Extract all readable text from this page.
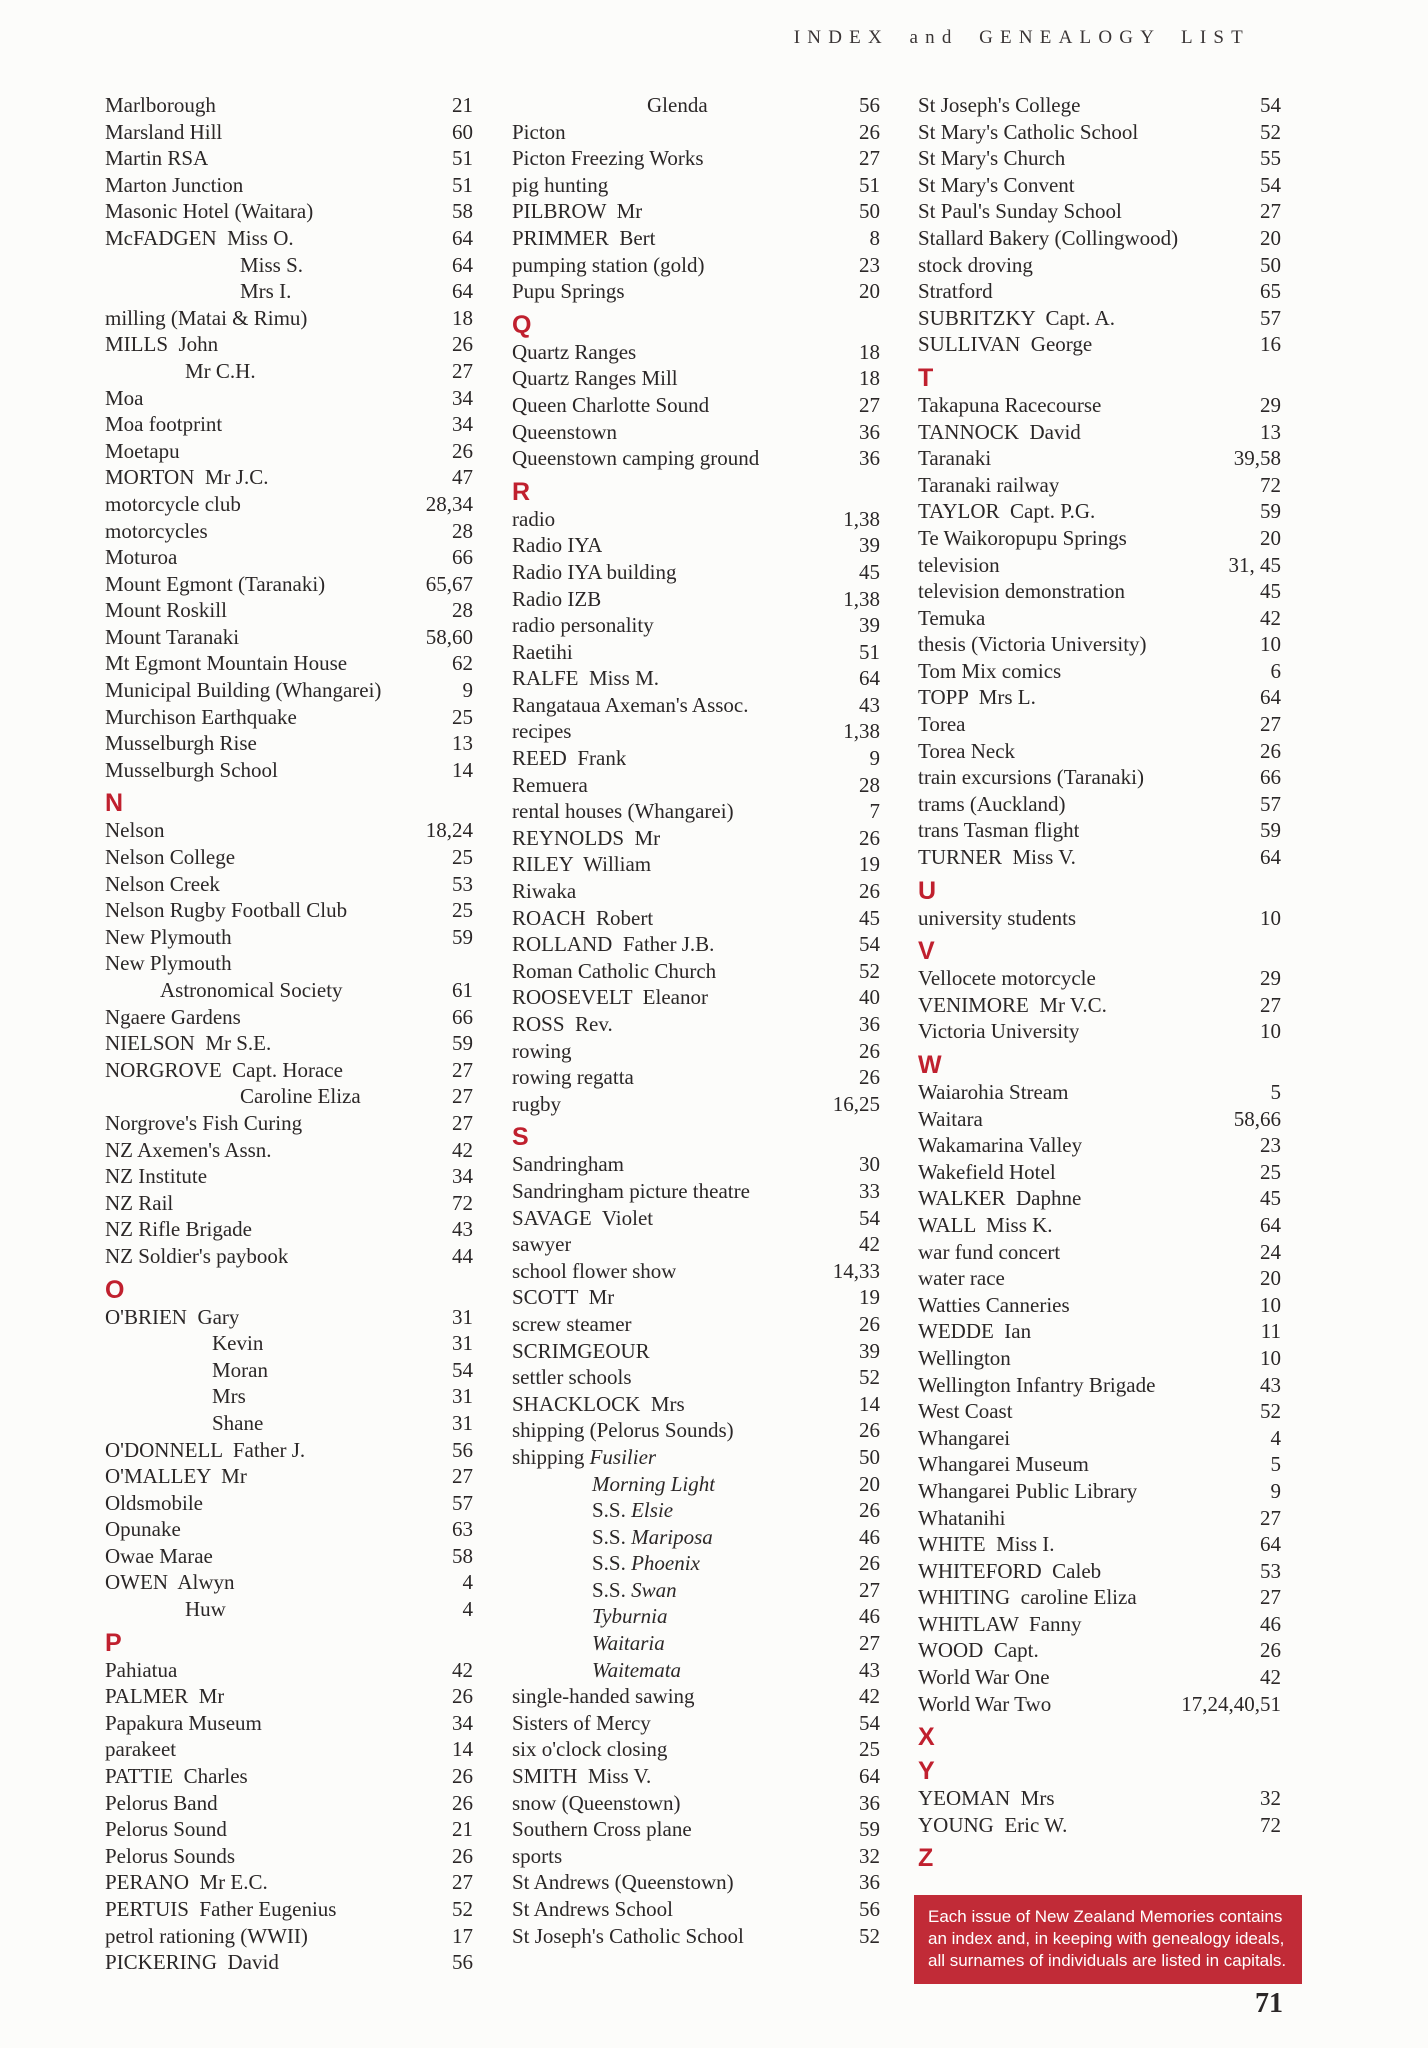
INDEX and GENEALOGY LIST
Marlborough	21
Marsland Hill	60
Martin RSA	51
Marton Junction	51
Masonic Hotel (Waitara)	58
McFADGEN  Miss O.	64
Miss S.	64
Mrs I.	64
milling (Matai & Rimu)	18
MILLS  John	26
Mr C.H.	27
Moa	34
Moa footprint	34
Moetapu	26
MORTON  Mr J.C.	47
motorcycle club	28,34
motorcycles	28
Moturoa	66
Mount Egmont (Taranaki)	65,67
Mount Roskill	28
Mount Taranaki	58,60
Mt Egmont Mountain House	62
Municipal Building (Whangarei)	9
Murchison Earthquake	25
Musselburgh Rise	13
Musselburgh School	14
N
Nelson	18,24
Nelson College	25
Nelson Creek	53
Nelson Rugby Football Club	25
New Plymouth	59
New Plymouth
Astronomical Society	61
Ngaere Gardens	66
NIELSON  Mr S.E.	59
NORGROVE  Capt. Horace	27
Caroline Eliza	27
Norgrove's Fish Curing	27
NZ Axemen's Assn.	42
NZ Institute	34
NZ Rail	72
NZ Rifle Brigade	43
NZ Soldier's paybook	44
O
O'BRIEN  Gary	31
Kevin	31
Moran	54
Mrs	31
Shane	31
O'DONNELL  Father J.	56
O'MALLEY  Mr	27
Oldsmobile	57
Opunake	63
Owae Marae	58
OWEN  Alwyn	4
Huw	4
P
Pahiatua	42
PALMER  Mr	26
Papakura Museum	34
parakeet	14
PATTIE  Charles	26
Pelorus Band	26
Pelorus Sound	21
Pelorus Sounds	26
PERANO  Mr E.C.	27
PERTUIS  Father Eugenius	52
petrol rationing (WWII)	17
PICKERING  David	56
Glenda	56
Picton	26
Picton Freezing Works	27
pig hunting	51
PILBROW  Mr	50
PRIMMER  Bert	8
pumping station (gold)	23
Pupu Springs	20
Q
Quartz Ranges	18
Quartz Ranges Mill	18
Queen Charlotte Sound	27
Queenstown	36
Queenstown camping ground	36
R
radio	1,38
Radio IYA	39
Radio IYA building	45
Radio IZB	1,38
radio personality	39
Raetihi	51
RALFE  Miss M.	64
Rangataua Axeman's Assoc.	43
recipes	1,38
REED  Frank	9
Remuera	28
rental houses (Whangarei)	7
REYNOLDS  Mr	26
RILEY  William	19
Riwaka	26
ROACH  Robert	45
ROLLAND  Father J.B.	54
Roman Catholic Church	52
ROOSEVELT  Eleanor	40
ROSS  Rev.	36
rowing	26
rowing regatta	26
rugby	16,25
S
Sandringham	30
Sandringham picture theatre	33
SAVAGE  Violet	54
sawyer	42
school flower show	14,33
SCOTT  Mr	19
screw steamer	26
SCRIMGEOUR	39
settler schools	52
SHACKLOCK  Mrs	14
shipping (Pelorus Sounds)	26
shipping Fusilier	50
Morning Light	20
S.S. Elsie	26
S.S. Mariposa	46
S.S. Phoenix	26
S.S. Swan	27
Tyburnia	46
Waitaria	27
Waitemata	43
single-handed sawing	42
Sisters of Mercy	54
six o'clock closing	25
SMITH  Miss V.	64
snow (Queenstown)	36
Southern Cross plane	59
sports	32
St Andrews (Queenstown)	36
St Andrews School	56
St Joseph's Catholic School	52
St Joseph's College	54
St Mary's Catholic School	52
St Mary's Church	55
St Mary's Convent	54
St Paul's Sunday School	27
Stallard Bakery (Collingwood)	20
stock droving	50
Stratford	65
SUBRITZKY  Capt. A.	57
SULLIVAN  George	16
T
Takapuna Racecourse	29
TANNOCK  David	13
Taranaki	39,58
Taranaki railway	72
TAYLOR  Capt. P.G.	59
Te Waikoropupu Springs	20
television	31, 45
television demonstration	45
Temuka	42
thesis (Victoria University)	10
Tom Mix comics	6
TOPP  Mrs L.	64
Torea	27
Torea Neck	26
train excursions (Taranaki)	66
trams (Auckland)	57
trans Tasman flight	59
TURNER  Miss V.	64
U
university students	10
V
Vellocete motorcycle	29
VENIMORE  Mr V.C.	27
Victoria University	10
W
Waiarohia Stream	5
Waitara	58,66
Wakamarina Valley	23
Wakefield Hotel	25
WALKER  Daphne	45
WALL  Miss K.	64
war fund concert	24
water race	20
Watties Canneries	10
WEDDE  Ian	11
Wellington	10
Wellington Infantry Brigade	43
West Coast	52
Whangarei	4
Whangarei Museum	5
Whangarei Public Library	9
Whatanihi	27
WHITE  Miss I.	64
WHITEFORD  Caleb	53
WHITING  caroline Eliza	27
WHITLAW  Fanny	46
WOOD  Capt.	26
World War One	42
World War Two	17,24,40,51
X
Y
YEOMAN  Mrs	32
YOUNG  Eric W.	72
Z
Each issue of New Zealand Memories contains
an index and, in keeping with genealogy ideals,
all surnames of individuals are listed in capitals.
71
